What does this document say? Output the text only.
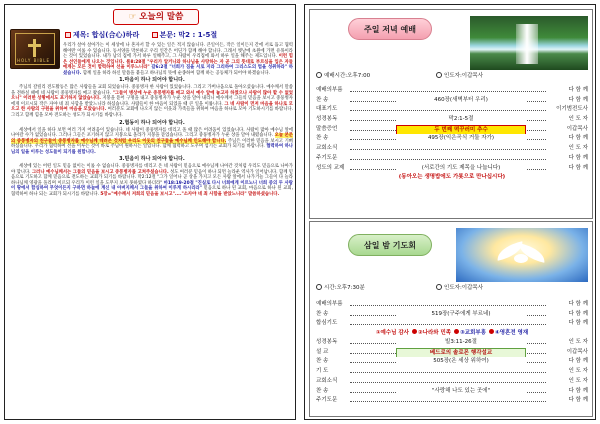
☞ 오늘의 말씀
HOLY BIBLE
제목: 합심(合心)하라	본문: 막2 : 1-5절

우리가 살아 살아가는 이 세상에 나 혼자서 할 수 있는 일은 적지 않습니다. 큰일이든, 작은 일이든지 간에 서로 돕고 협력해야만 이룰 수 있습니다. 동서양을 막론하고 우리 인간은 어딘가 함께 해야 합니다. 그래서 옛날에 초원에 가면 유목이라는 것이 있었습니다. 내가 남의 집에 가서 하루 일해주고, 그 사람이 우리집에 와서 하루 일을 해주는 제도입니다. 이런 힘은 선인들에게 나오는 것입니다. 롬8:28절 "우리가 알거니와 하나님을 사랑하는 자 곧 그의 뜻대로 부르심을 입은 자들에게는 모든 것이 합력하여 선을 이루느니라" 갈6:2절 "너희가 짐을 서로 지라 그리하여 그리스도의 법을 성취하라" 하셨습니다. 함께 일을 하라 하신 말씀을 붙들고 하나님의 뜻에 순종하여 함께 하는 공동체가 되어야 하겠습니다.

1.마음이 하나 되어야 합니다.

주님의 갈릴리 전도활동은 많은 사람들을 교회 되었습니다. 중풍병자 한 사람이 있었습니다. 그리고 가버나움으로 돌아오셨습니다. 예수께서 말씀을 전하실 때에 네 사람이 중풍병자를 메고 왔습니다. "그들이 병상에 누운 중풍병자를 메고 와서 예수 앞에 놓고자 하였으나 사람이 많아 할 수 없었으니" 이러한 상황에서도 포기하지 않았습니다. 지붕을 뜯어 구멍을 내고 중풍병자가 누운 상을 달아 내리니 예수께서 그들의 믿음을 보시고 중풍병자에게 이르시되 작은 자야 네 죄 사함을 받았느니라 하셨습니다. 사람들이 한 마음이 되었을 때 큰 일을 이룹니다. 그 네 사람이 먼저 마음을 하나로 모으고 한 사람의 구원을 위하여 마음을 모았습니다. 여러분도 교회에 나오지 않는 이웃과 가족들을 위하여 마음을 하나로 모아 기도하시기를 바랍니다. 그리고 함께 힘을 모아 전도하는 성도가 되시기를 바랍니다.

2.협동이 하나 되어야 합니다.

세상에서 일을 하다 보면 여러 가지 어려움이 있습니다. 네 사람이 중풍병자를 데리고 올 때 많은 어려움이 있었습니다. 사람이 많아 예수님 앞에 나아갈 수가 없었습니다. 그러나 그들은 포기하지 않고 지붕으로 올라가 지붕을 뜯었습니다. 그리고 중풍병자가 누운 상을 달아 내렸습니다. 오늘 본문의 중풍병자의 친구들이 중풍병자를 예수님께 데려온 것처럼 우리도 이웃의 친구들을 예수님께 인도해야 합니다. 주님은 이러한 믿음을 보시고 기뻐하셨습니다. 우리가 협력하여 선을 이루는 것이 바로 주님이 원하시는 일입니다. 함께 협력하고 도우며 섬기는 교회가 되기를 바랍니다. 협력하여 하나님의 일을 이루는 성도들이 되기를 원합니다.

3.믿음이 하나 되어야 합니다.

세상에 있는 어떤 일도 믿음 없이는 이룰 수 없습니다. 중풍병자를 데리고 온 네 사람이 믿음으로 예수님께 나아간 것처럼 우리도 믿음으로 나아가야 합니다. 그러나 예수님께서는 그들의 믿음을 보시고 중풍병자를 고쳐주셨습니다. 성도 여러분 믿음이 하나 되면 놀라운 역사가 일어납니다. 함께 믿음으로 기도하고 함께 믿음으로 전도하는 교회가 되기를 바랍니다. 막2:12절 "그가 일어나 곧 상을 가지고 모든 사람 앞에서 나가거늘 그들이 다 놀라 하나님께 영광을 돌리며 이르되 우리가 이런 일을 도무지 보지 못하였다 하더라" 마18:19-20절 "진실로 다시 너희에게 이르노니 너희 중의 두 사람이 땅에서 합심하여 무엇이든지 구하면 하늘에 계신 내 아버지께서 그들을 위하여 이루게 하시리라" 믿음으로 하나 된 교회, 마음으로 하나 된 교회, 협력하여 하나 되는 교회가 되시기를 바랍니다. 5장="예수께서 저희의 믿음을 보시고"...."소자야 네 죄 사함을 받았느니라" 말씀하셨습니다.

주일 저녁 예배
예배시간:오후7:00	인도자:이갑목사
예배의부름	다 함 께
찬 송	460장(새벽부터 우리)	다 함 께
대표기도	이기범전도사
성경봉독	막2:1-5절	인 도 자
말씀증언	두 번째 떡꾸러미 추수	이갑목사
찬 송	495장(익은곡식 거둘 자가)	다 함 께
교회소식	인 도 자
주기도문	다 함 께
성도의 교제	(서로간의 기도 제목을 나눕니다)	다 함 께
(동아오는 생명밥에도 가룟으로 만나십시다)
삼일 밤 기도회
시간:오후7:30분	인도자:이갑목사
예배의부름	다 함 께
찬 송	519장(구주에게 부르네)	다 함 께
합심기도	다 함 께
①예수님 감사 ②나라와 민족 ③교회부흥 ④영혼전 영재
성경봉독	빌3:11-26절	인 도 자
설 교	베드로의 솔로몬 행각설교	이갑목사
찬 송	505장(온 세상 위하여)	다 함 께
기 도	인 도 자
교회소식	인 도 자
찬 송	"사랑해 나도 있는 곳에"	다 함 께
주기도문	다 함 께
